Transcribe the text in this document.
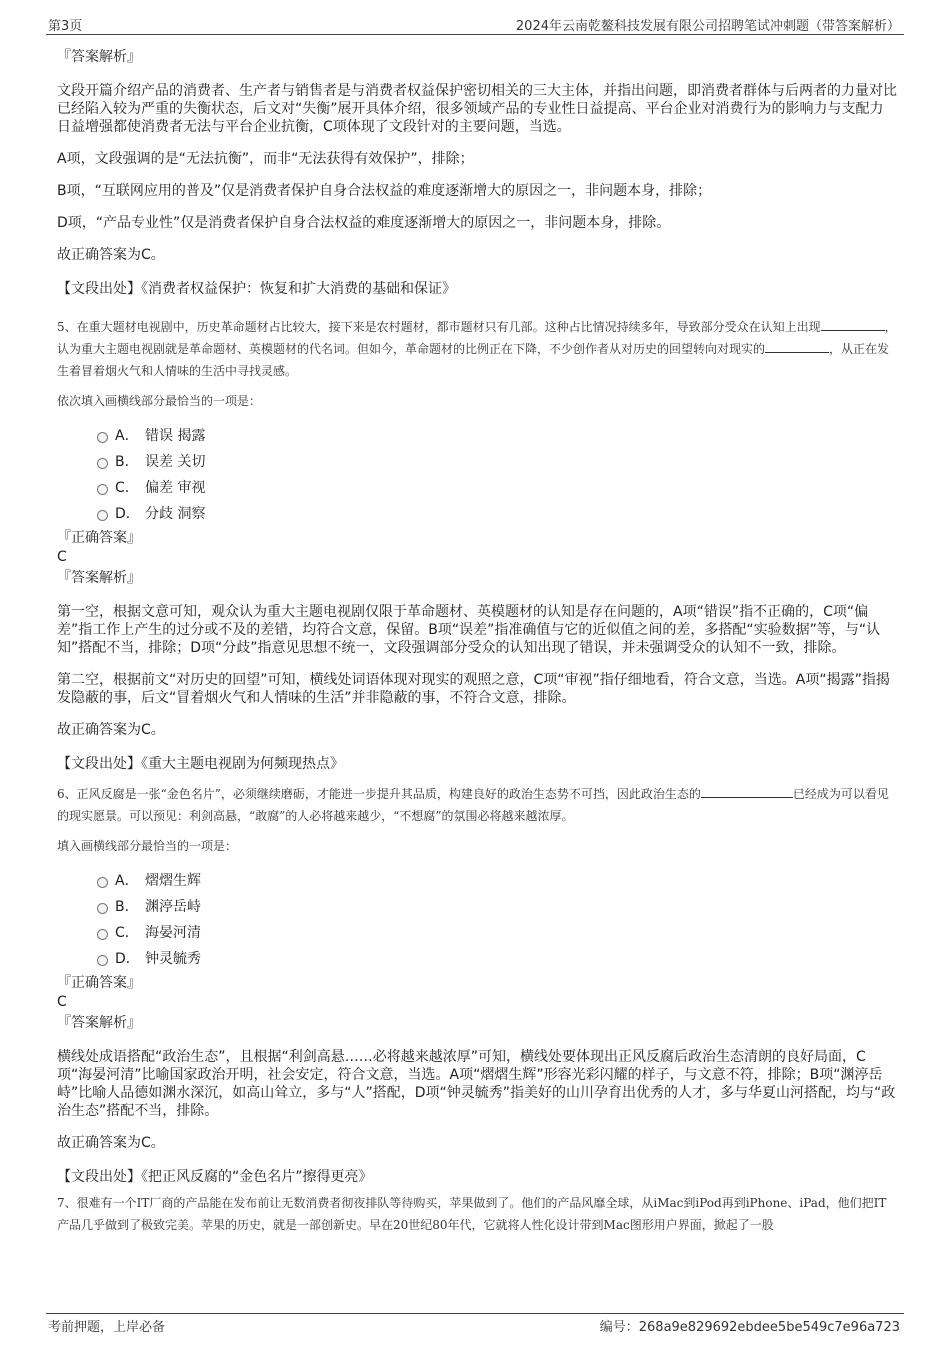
第3页	2024年云南乾鳌科技发展有限公司招聘笔试冲刺题（带答案解析）

『答案解析』

文段开篇介绍产品的消费者、生产者与销售者是与消费者权益保护密切相关的三大主体，并指出问题，即消费者群体与后两者的力量对比已经陷入较为严重的失衡状态，后文对“失衡”展开具体介绍，很多领域产品的专业性日益提高、平台企业对消费行为的影响力与支配力日益增强都使消费者无法与平台企业抗衡，C项体现了文段针对的主要问题，当选。

A项，文段强调的是“无法抗衡”，而非“无法获得有效保护”，排除；

B项，“互联网应用的普及”仅是消费者保护自身合法权益的难度逐渐增大的原因之一，非问题本身，排除；

D项，“产品专业性”仅是消费者保护自身合法权益的难度逐渐增大的原因之一，非问题本身，排除。

故正确答案为C。

【文段出处】《消费者权益保护：恢复和扩大消费的基础和保证》

5、在重大题材电视剧中，历史革命题材占比较大，接下来是农村题材，都市题材只有几部。这种占比情况持续多年，导致部分受众在认知上出现	，认为重大主题电视剧就是革命题材、英模题材的代名词。但如今，革命题材的比例正在下降，不少创作者从对历史的回望转向对现实的	，从正在发生着冒着烟火气和人情味的生活中寻找灵感。

依次填入画横线部分最恰当的一项是：

A． 错误 揭露
B． 误差 关切
C． 偏差 审视
D． 分歧 洞察

『正确答案』

C

『答案解析』

第一空，根据文意可知，观众认为重大主题电视剧仅限于革命题材、英模题材的认知是存在问题的，A项“错误”指不正确的，C项“偏差”指工作上产生的过分或不及的差错，均符合文意，保留。B项“误差”指准确值与它的近似值之间的差，多搭配“实验数据”等，与“认知”搭配不当，排除；D项“分歧”指意见思想不统一，文段强调部分受众的认知出现了错误，并未强调受众的认知不一致，排除。

第二空，根据前文“对历史的回望”可知，横线处词语体现对现实的观照之意，C项“审视”指仔细地看，符合文意，当选。A项“揭露”指揭发隐蔽的事，后文“冒着烟火气和人情味的生活”并非隐蔽的事，不符合文意，排除。

故正确答案为C。

【文段出处】《重大主题电视剧为何频现热点》

6、正风反腐是一张“金色名片”，必须继续磨砺，才能进一步提升其品质，构建良好的政治生态势不可挡，因此政治生态的	已经成为可以看见的现实愿景。可以预见：利剑高悬，“敢腐”的人必将越来越少，“不想腐”的氛围必将越来越浓厚。

填入画横线部分最恰当的一项是：

A． 熠熠生辉
B． 渊渟岳峙
C． 海晏河清
D． 钟灵毓秀

『正确答案』

C

『答案解析』

横线处成语搭配“政治生态”，且根据“利剑高悬……必将越来越浓厚”可知，横线处要体现出正风反腐后政治生态清朗的良好局面，C项“海晏河清”比喻国家政治开明，社会安定，符合文意，当选。A项“熠熠生辉”形容光彩闪耀的样子，与文意不符，排除；B项“渊渟岳峙”比喻人品德如渊水深沉，如高山耸立，多与“人”搭配，D项“钟灵毓秀”指美好的山川孕育出优秀的人才，多与华夏山河搭配，均与“政治生态”搭配不当，排除。

故正确答案为C。

【文段出处】《把正风反腐的“金色名片”擦得更亮》

7、很难有一个IT厂商的产品能在发布前让无数消费者彻夜排队等待购买，苹果做到了。他们的产品风靡全球，从iMac到iPod再到iPhone、iPad，他们把IT产品几乎做到了极致完美。苹果的历史，就是一部创新史。早在20世纪80年代，它就将人性化设计带到Mac图形用户界面，掀起了一股

考前押题，上岸必备	编号：268a9e829692ebdee5be549c7e96a723
